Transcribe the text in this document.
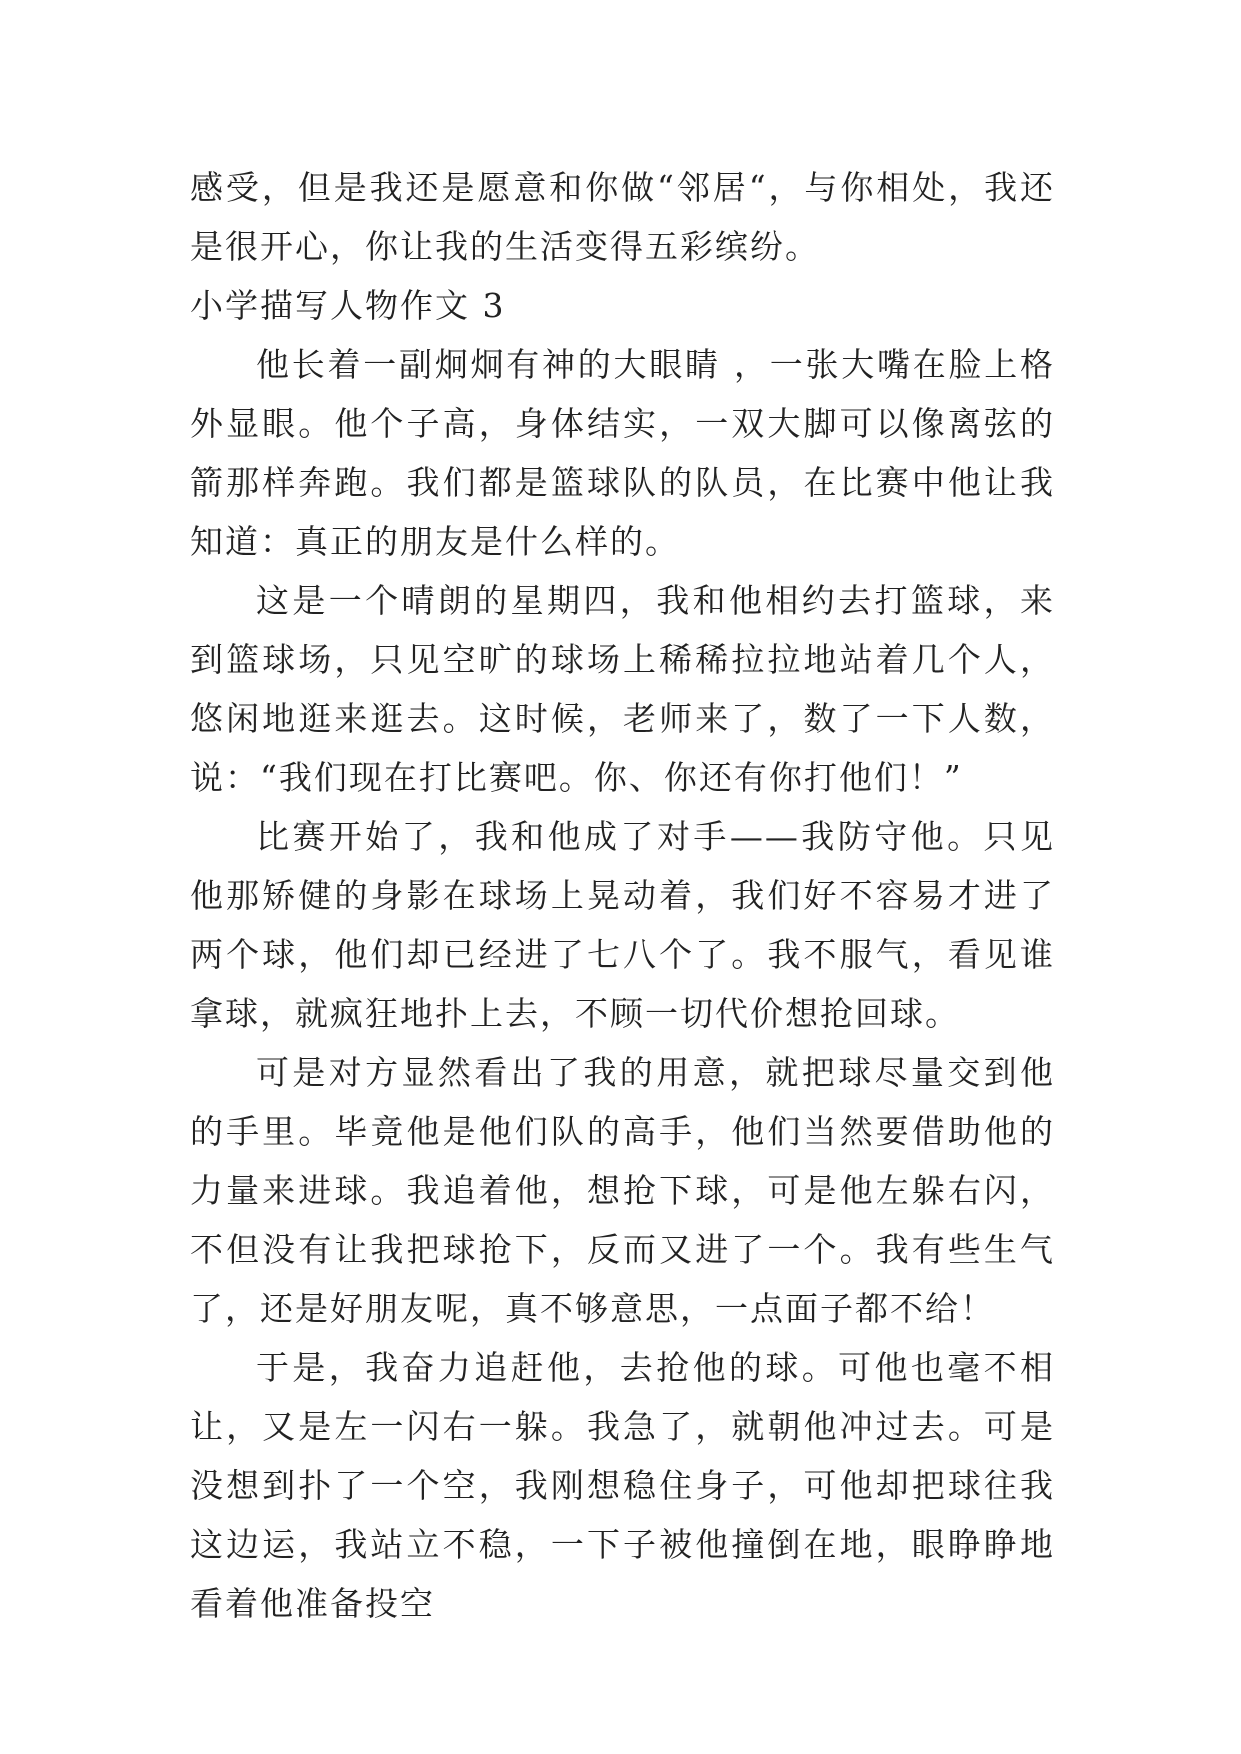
感受，但是我还是愿意和你做“邻居“，与你相处，我还是很开心，你让我的生活变得五彩缤纷。

小学描写人物作文 3

他长着一副炯炯有神的大眼睛 ，一张大嘴在脸上格外显眼。他个子高，身体结实，一双大脚可以像离弦的箭那样奔跑。我们都是篮球队的队员，在比赛中他让我知道：真正的朋友是什么样的。

这是一个晴朗的星期四，我和他相约去打篮球，来到篮球场，只见空旷的球场上稀稀拉拉地站着几个人，悠闲地逛来逛去。这时候，老师来了，数了一下人数，说：“我们现在打比赛吧。你、你还有你打他们！”

比赛开始了，我和他成了对手——我防守他。只见他那矫健的身影在球场上晃动着，我们好不容易才进了两个球，他们却已经进了七八个了。我不服气，看见谁拿球，就疯狂地扑上去，不顾一切代价想抢回球。

可是对方显然看出了我的用意，就把球尽量交到他的手里。毕竟他是他们队的高手，他们当然要借助他的力量来进球。我追着他，想抢下球，可是他左躲右闪，不但没有让我把球抢下，反而又进了一个。我有些生气了，还是好朋友呢，真不够意思，一点面子都不给！

于是，我奋力追赶他，去抢他的球。可他也毫不相让，又是左一闪右一躲。我急了，就朝他冲过去。可是没想到扑了一个空，我刚想稳住身子，可他却把球往我这边运，我站立不稳，一下子被他撞倒在地，眼睁睁地看着他准备投空
